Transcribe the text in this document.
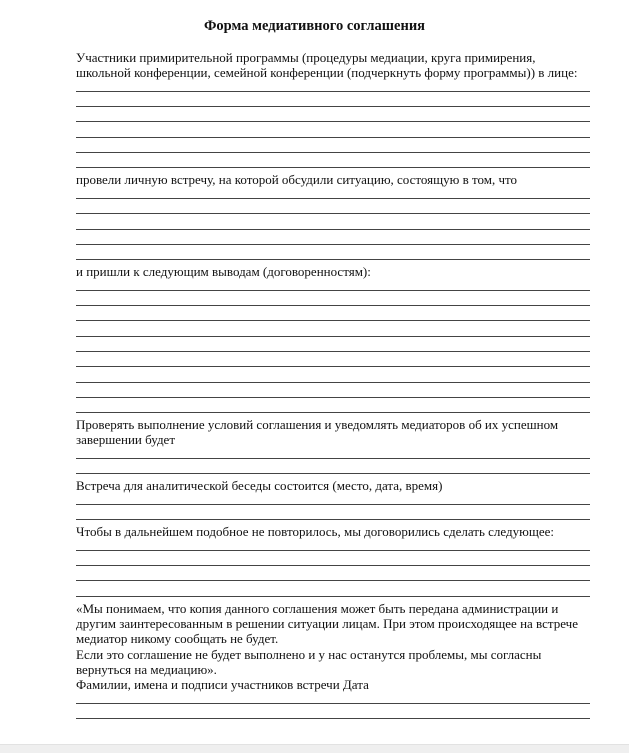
Форма медиативного соглашения
Участники примирительной программы (процедуры медиации, круга примирения,
школьной конференции, семейной конференции (подчеркнуть форму программы)) в лице:
провели личную встречу, на которой обсудили ситуацию, состоящую в том, что
и пришли к следующим выводам (договоренностям):
Проверять выполнение условий соглашения и уведомлять медиаторов об их успешном
завершении будет
Встреча для аналитической беседы состоится (место, дата, время)
Чтобы в дальнейшем подобное не повторилось, мы договорились сделать следующее:
«Мы понимаем, что копия данного соглашения может быть передана администрации и
другим заинтересованным в решении ситуации лицам. При этом происходящее на встрече
медиатор никому сообщать не будет.
Если это соглашение не будет выполнено и у нас останутся проблемы, мы согласны
вернуться на медиацию».
Фамилии, имена и подписи участников встречи Дата
